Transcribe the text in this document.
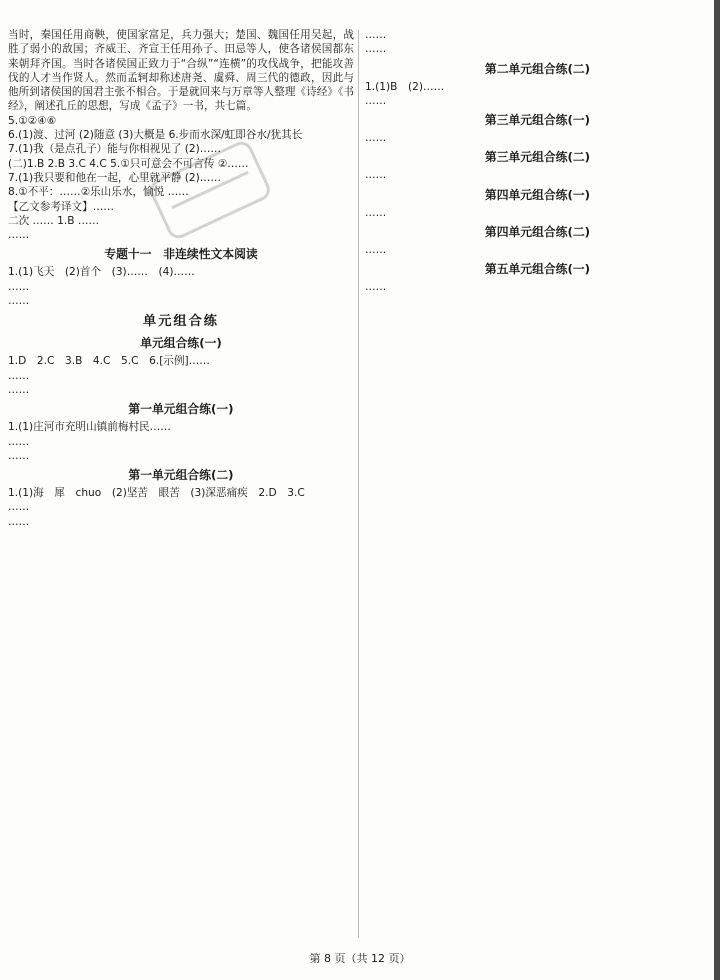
当时，秦国任用商鞅，使国家富足，兵力强大；楚国、魏国任用吴起，战胜了弱小的敌国；齐威王、齐宣王任用孙子、田忌等人，使各诸侯国都东来朝拜齐国。当时各诸侯国正致力于“合纵”“连横”的攻伐战争，把能攻善伐的人才当作贤人。然而孟轲却称述唐尧、虞舜、周三代的德政，因此与他所到诸侯国的国君主张不相合。于是就回来与万章等人整理《诗经》《书经》，阐述孔丘的思想，写成《孟子》一书，共七篇。

5.①②④⑥

6.(1)渡、过河 (2)随意 (3)大概是 6.步而水深/虹即谷水/犹其长

7.(1)我（是点孔子）能与你相视见了 (2)……

(二)1.B 2.B 3.C 4.C 5.①只可意会不可言传 ②……

7.(1)我只要和他在一起，心里就平静 (2)……

8.①不平：……②乐山乐水，愉悦 ……

【乙文参考译文】……

二次 …… 1.B ……

……

专题十一　非连续性文本阅读

1.(1)飞天　(2)首个　(3)……　(4)……

……

……

单元组合练
单元组合练(一)

1.D　2.C　3.B　4.C　5.C　6.[示例]……

……

……

第一单元组合练(一)

1.(1)庄河市充明山镇前梅村民……

……

……

第一单元组合练(二)

1.(1)海　犀　chuo　(2)坚苦　眼苦　(3)深恶痛疾　2.D　3.C

……

……

……

……

第二单元组合练(二)

1.(1)B　(2)……

……

第三单元组合练(一)

……

第三单元组合练(二)

……

第四单元组合练(一)

……

第四单元组合练(二)

……

第五单元组合练(一)

……

第 8 页（共 12 页）
